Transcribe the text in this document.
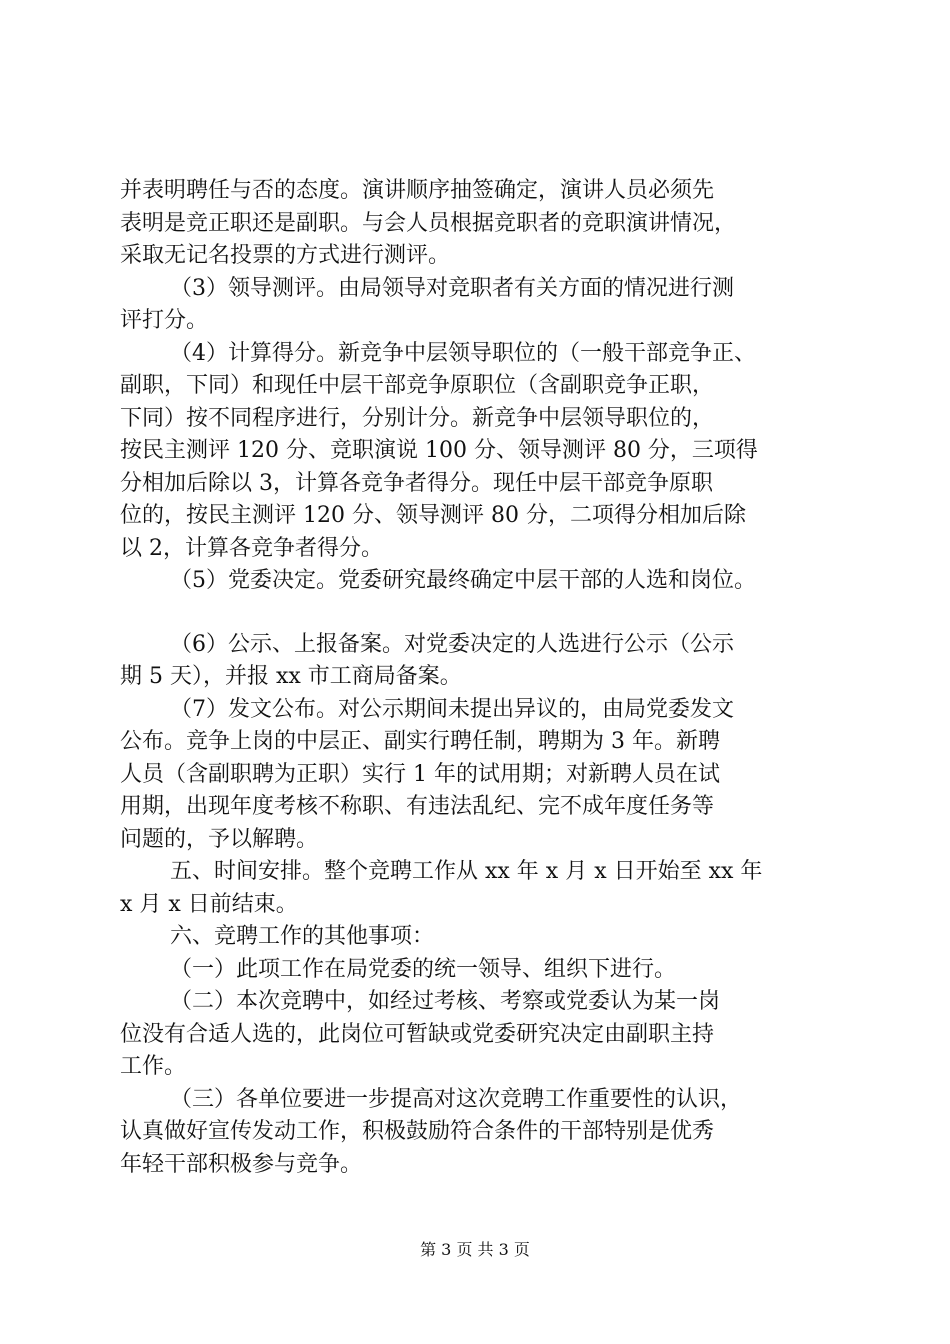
并表明聘任与否的态度。演讲顺序抽签确定，演讲人员必须先
表明是竞正职还是副职。与会人员根据竞职者的竞职演讲情况，
采取无记名投票的方式进行测评。
（3）领导测评。由局领导对竞职者有关方面的情况进行测
评打分。
（4）计算得分。新竞争中层领导职位的（一般干部竞争正、
副职，下同）和现任中层干部竞争原职位（含副职竞争正职，
下同）按不同程序进行，分别计分。新竞争中层领导职位的，
按民主测评 120 分、竞职演说 100 分、领导测评 80 分，三项得
分相加后除以 3，计算各竞争者得分。现任中层干部竞争原职
位的，按民主测评 120 分、领导测评 80 分，二项得分相加后除
以 2，计算各竞争者得分。
（5）党委决定。党委研究最终确定中层干部的人选和岗位。
（6）公示、上报备案。对党委决定的人选进行公示（公示
期 5 天），并报 xx 市工商局备案。
（7）发文公布。对公示期间未提出异议的，由局党委发文
公布。竞争上岗的中层正、副实行聘任制，聘期为 3 年。新聘
人员（含副职聘为正职）实行 1 年的试用期；对新聘人员在试
用期，出现年度考核不称职、有违法乱纪、完不成年度任务等
问题的，予以解聘。
五、时间安排。整个竞聘工作从 xx 年 x 月 x 日开始至 xx 年
x 月 x 日前结束。
六、竞聘工作的其他事项：
（一）此项工作在局党委的统一领导、组织下进行。
（二）本次竞聘中，如经过考核、考察或党委认为某一岗
位没有合适人选的，此岗位可暂缺或党委研究决定由副职主持
工作。
（三）各单位要进一步提高对这次竞聘工作重要性的认识，
认真做好宣传发动工作，积极鼓励符合条件的干部特别是优秀
年轻干部积极参与竞争。
第 3 页 共 3 页
